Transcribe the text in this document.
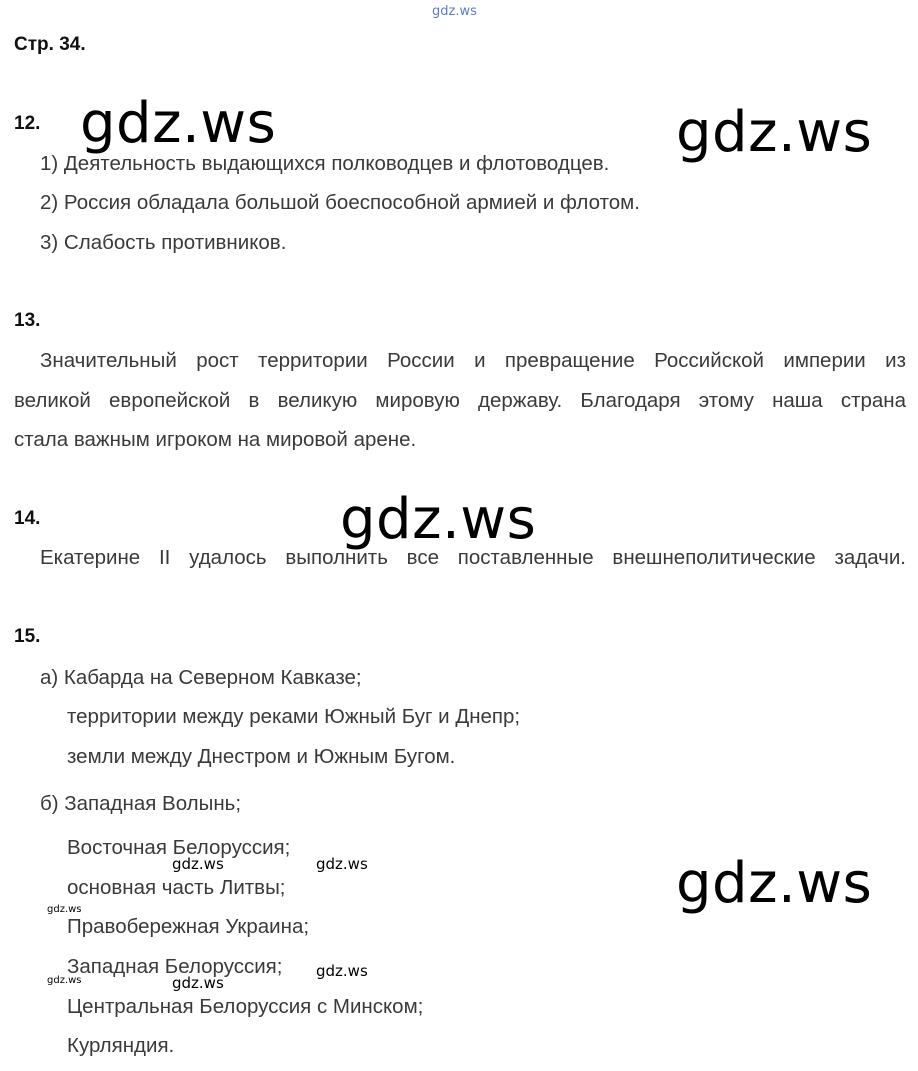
gdz.ws
Стр. 34.
12.
1) Деятельность выдающихся полководцев и флотоводцев.
2) Россия обладала большой боеспособной армией и флотом.
3) Слабость противников.
13.
Значительный рост территории России и превращение Российской империи из
великой европейской в великую мировую державу. Благодаря этому наша страна
стала важным игроком на мировой арене.
14.
Екатерине II удалось выполнить все поставленные внешнеполитические задачи.
15.
а) Кабарда на Северном Кавказе;
территории между реками Южный Буг и Днепр;
земли между Днестром и Южным Бугом.
б) Западная Волынь;
Восточная Белоруссия;
основная часть Литвы;
Правобережная Украина;
Западная Белоруссия;
Центральная Белоруссия с Минском;
Курляндия.
gdz.ws	gdz.ws
gdz.ws
gdz.ws
gdz.ws	gdz.ws
gdz.ws
gdz.ws
gdz.ws
gdz.ws
